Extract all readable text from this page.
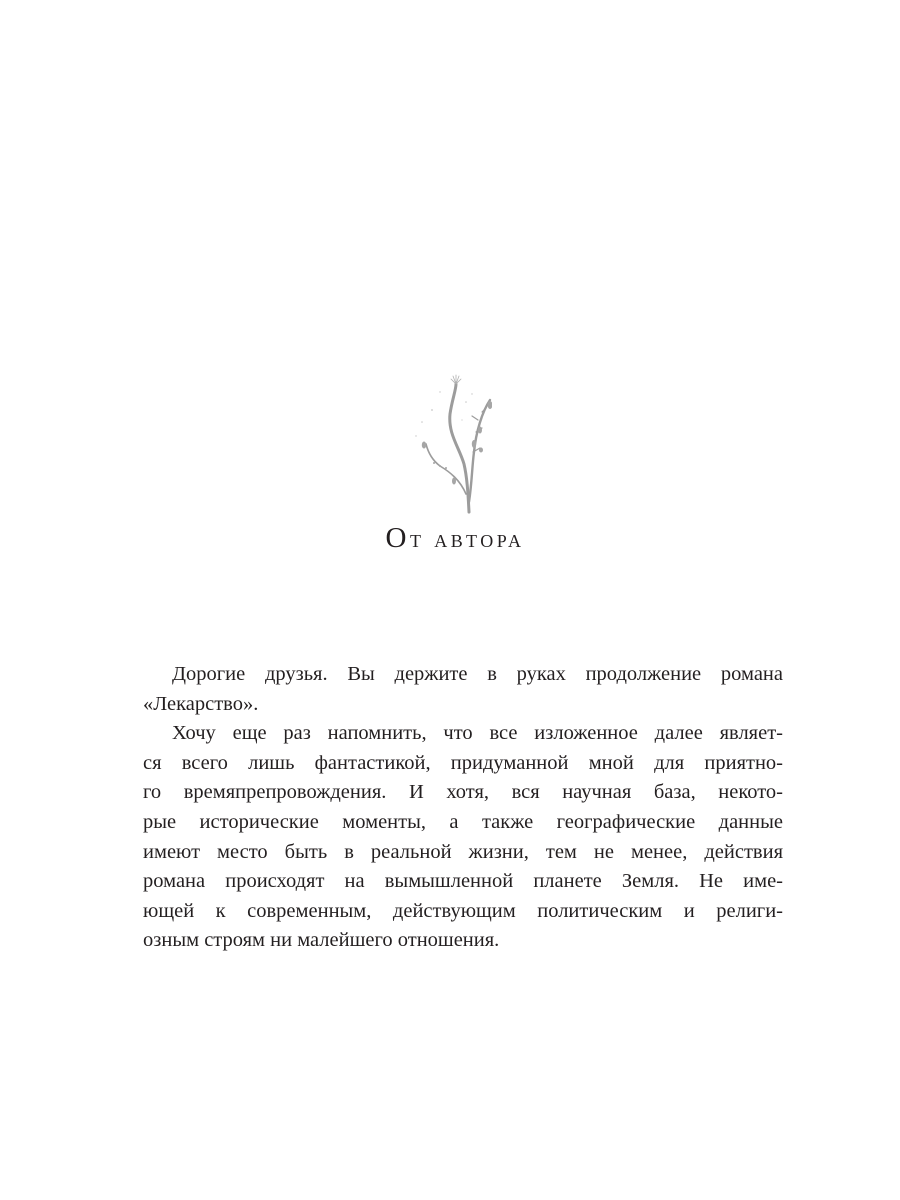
От автора
Дорогие друзья. Вы держите в руках продолжение романа
«Лекарство».
Хочу еще раз напомнить, что все изложенное далее являет-
ся всего лишь фантастикой, придуманной мной для приятно-
го времяпрепровождения. И хотя, вся научная база, некото-
рые исторические моменты, а также географические данные
имеют место быть в реальной жизни, тем не менее, действия
романа происходят на вымышленной планете Земля. Не име-
ющей к современным, действующим политическим и религи-
озным строям ни малейшего отношения.
